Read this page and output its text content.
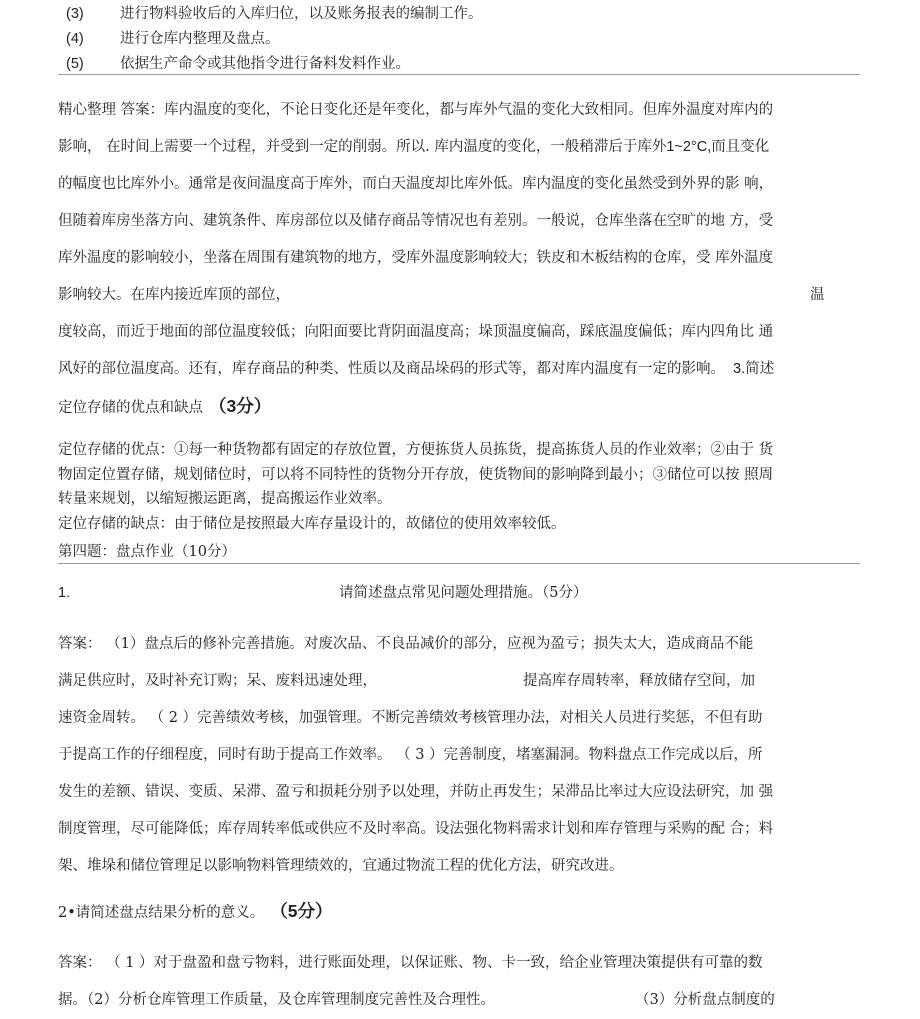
(3)	进行物料验收后的入库归位，以及账务报表的编制工作。

(4)	进行仓库内整理及盘点。

(5)	依据生产命令或其他指令进行备料发料作业。

精心整理 答案：库内温度的变化，不论日变化还是年变化，都与库外气温的变化大致相同。但库外温度对库内的
影响， 在时间上需要一个过程，并受到一定的削弱。所以. 库内温度的变化，一般稍滞后于库外1~2°C,而且变化
的幅度也比库外小。通常是夜间温度高于库外，而白天温度却比库外低。库内温度的变化虽然受到外界的影 响，
但随着库房坐落方向、建筑条件、库房部位以及储存商品等情况也有差别。一般说，仓库坐落在空旷的地 方，受
库外温度的影响较小，坐落在周围有建筑物的地方，受库外温度影响较大；铁皮和木板结构的仓库，受 库外温度
影响较大。在库内接近库顶的部位，	温
度较高，而近于地面的部位温度较低；向阳面要比背阴面温度高；垛顶温度偏高，踩底温度偏低；库内四角比 通
风好的部位温度高。还有，库存商品的种类、性质以及商品垛码的形式等，都对库内温度有一定的影响。 3.简述
定位存储的优点和缺点 （3分）
定位存储的优点：①每一种货物都有固定的存放位置，方便拣货人员拣货，提高拣货人员的作业效率；②由于 货
物固定位置存储，规划储位时，可以将不同特性的货物分开存放，使货物间的影响降到最小；③储位可以按 照周
转量来规划，以缩短搬运距离，提高搬运作业效率。
定位存储的缺点：由于储位是按照最大库存量设计的，故储位的使用效率较低。
第四题：盘点作业（10分）
1.	请简述盘点常见问题处理措施。（5分）
答案： （1）盘点后的修补完善措施。对废次品、不良品减价的部分，应视为盈亏；损失太大，造成商品不能
满足供应时，及时补充订购；呆、废料迅速处理，	提高库存周转率，释放储存空间，加
速资金周转。 （ 2 ）完善绩效考核，加强管理。不断完善绩效考核管理办法，对相关人员进行奖惩，不但有助
于提高工作的仔细程度，同时有助于提高工作效率。 （ 3 ）完善制度，堵塞漏洞。物料盘点工作完成以后，所
发生的差额、错误、变质、呆滞、盈亏和损耗分别予以处理，并防止再发生；呆滞品比率过大应设法研究，加 强
制度管理，尽可能降低；库存周转率低或供应不及时率高。设法强化物料需求计划和库存管理与采购的配 合；料
架、堆垛和储位管理足以影响物料管理绩效的，宜通过物流工程的优化方法，研究改进。
2•请简述盘点结果分析的意义。 （5分）
答案： （ 1 ）对于盘盈和盘亏物料，进行账面处理，以保证账、物、卡一致，给企业管理决策提供有可靠的数
据。（2）分析仓库管理工作质量，及仓库管理制度完善性及合理性。	（3）分析盘点制度的
